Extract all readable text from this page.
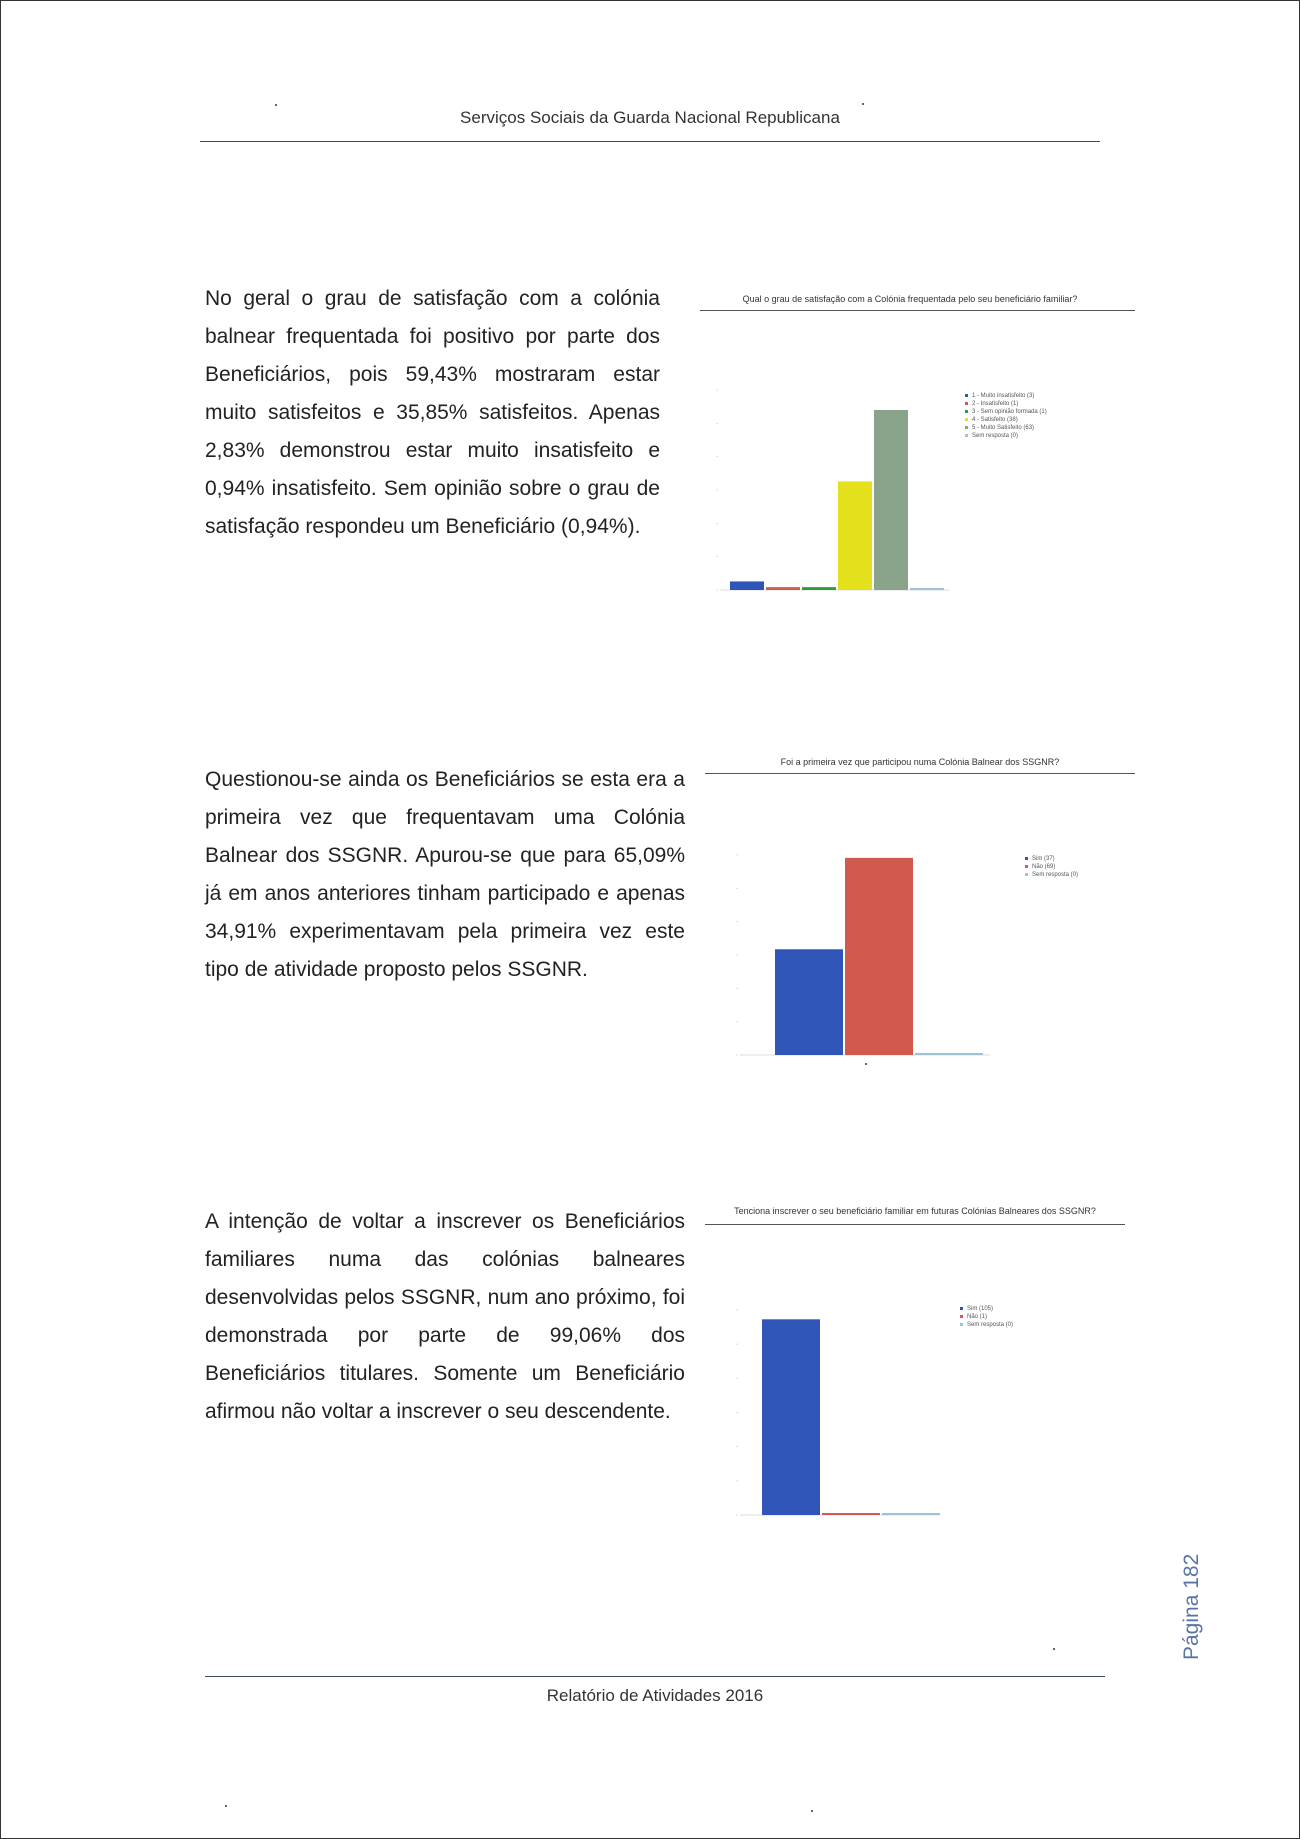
Serviços Sociais da Guarda Nacional Republicana

No geral o grau de satisfação com a colónia balnear frequentada foi positivo por parte dos Beneficiários, pois 59,43% mostraram estar muito satisfeitos e 35,85% satisfeitos. Apenas 2,83% demonstrou estar muito insatisfeito e 0,94% insatisfeito. Sem opinião sobre o grau de satisfação respondeu um Beneficiário (0,94%).

Qual o grau de satisfação com a Colónia frequentada pelo seu beneficiário familiar?
1 - Muito insatisfeito (3)
2 - Insatisfeito (1)
3 - Sem opinião formada (1)
4 - Satisfeito (38)
5 - Muito Satisfeito (63)
Sem resposta (0)

Questionou-se ainda os Beneficiários se esta era a primeira vez que frequentavam uma Colónia Balnear dos SSGNR. Apurou-se que para 65,09% já em anos anteriores tinham participado e apenas 34,91% experimentavam pela primeira vez este tipo de atividade proposto pelos SSGNR.

Foi a primeira vez que participou numa Colónia Balnear dos SSGNR?
Sim (37)
Não (69)
Sem resposta (0)

A intenção de voltar a inscrever os Beneficiários familiares numa das colónias balneares desenvolvidas pelos SSGNR, num ano próximo, foi demonstrada por parte de 99,06% dos Beneficiários titulares. Somente um Beneficiário afirmou não voltar a inscrever o seu descendente.

Tenciona inscrever o seu beneficiário familiar em futuras Colónias Balneares dos SSGNR?
Sim (105)
Não (1)
Sem resposta (0)
Relatório de Atividades 2016
Página 182
